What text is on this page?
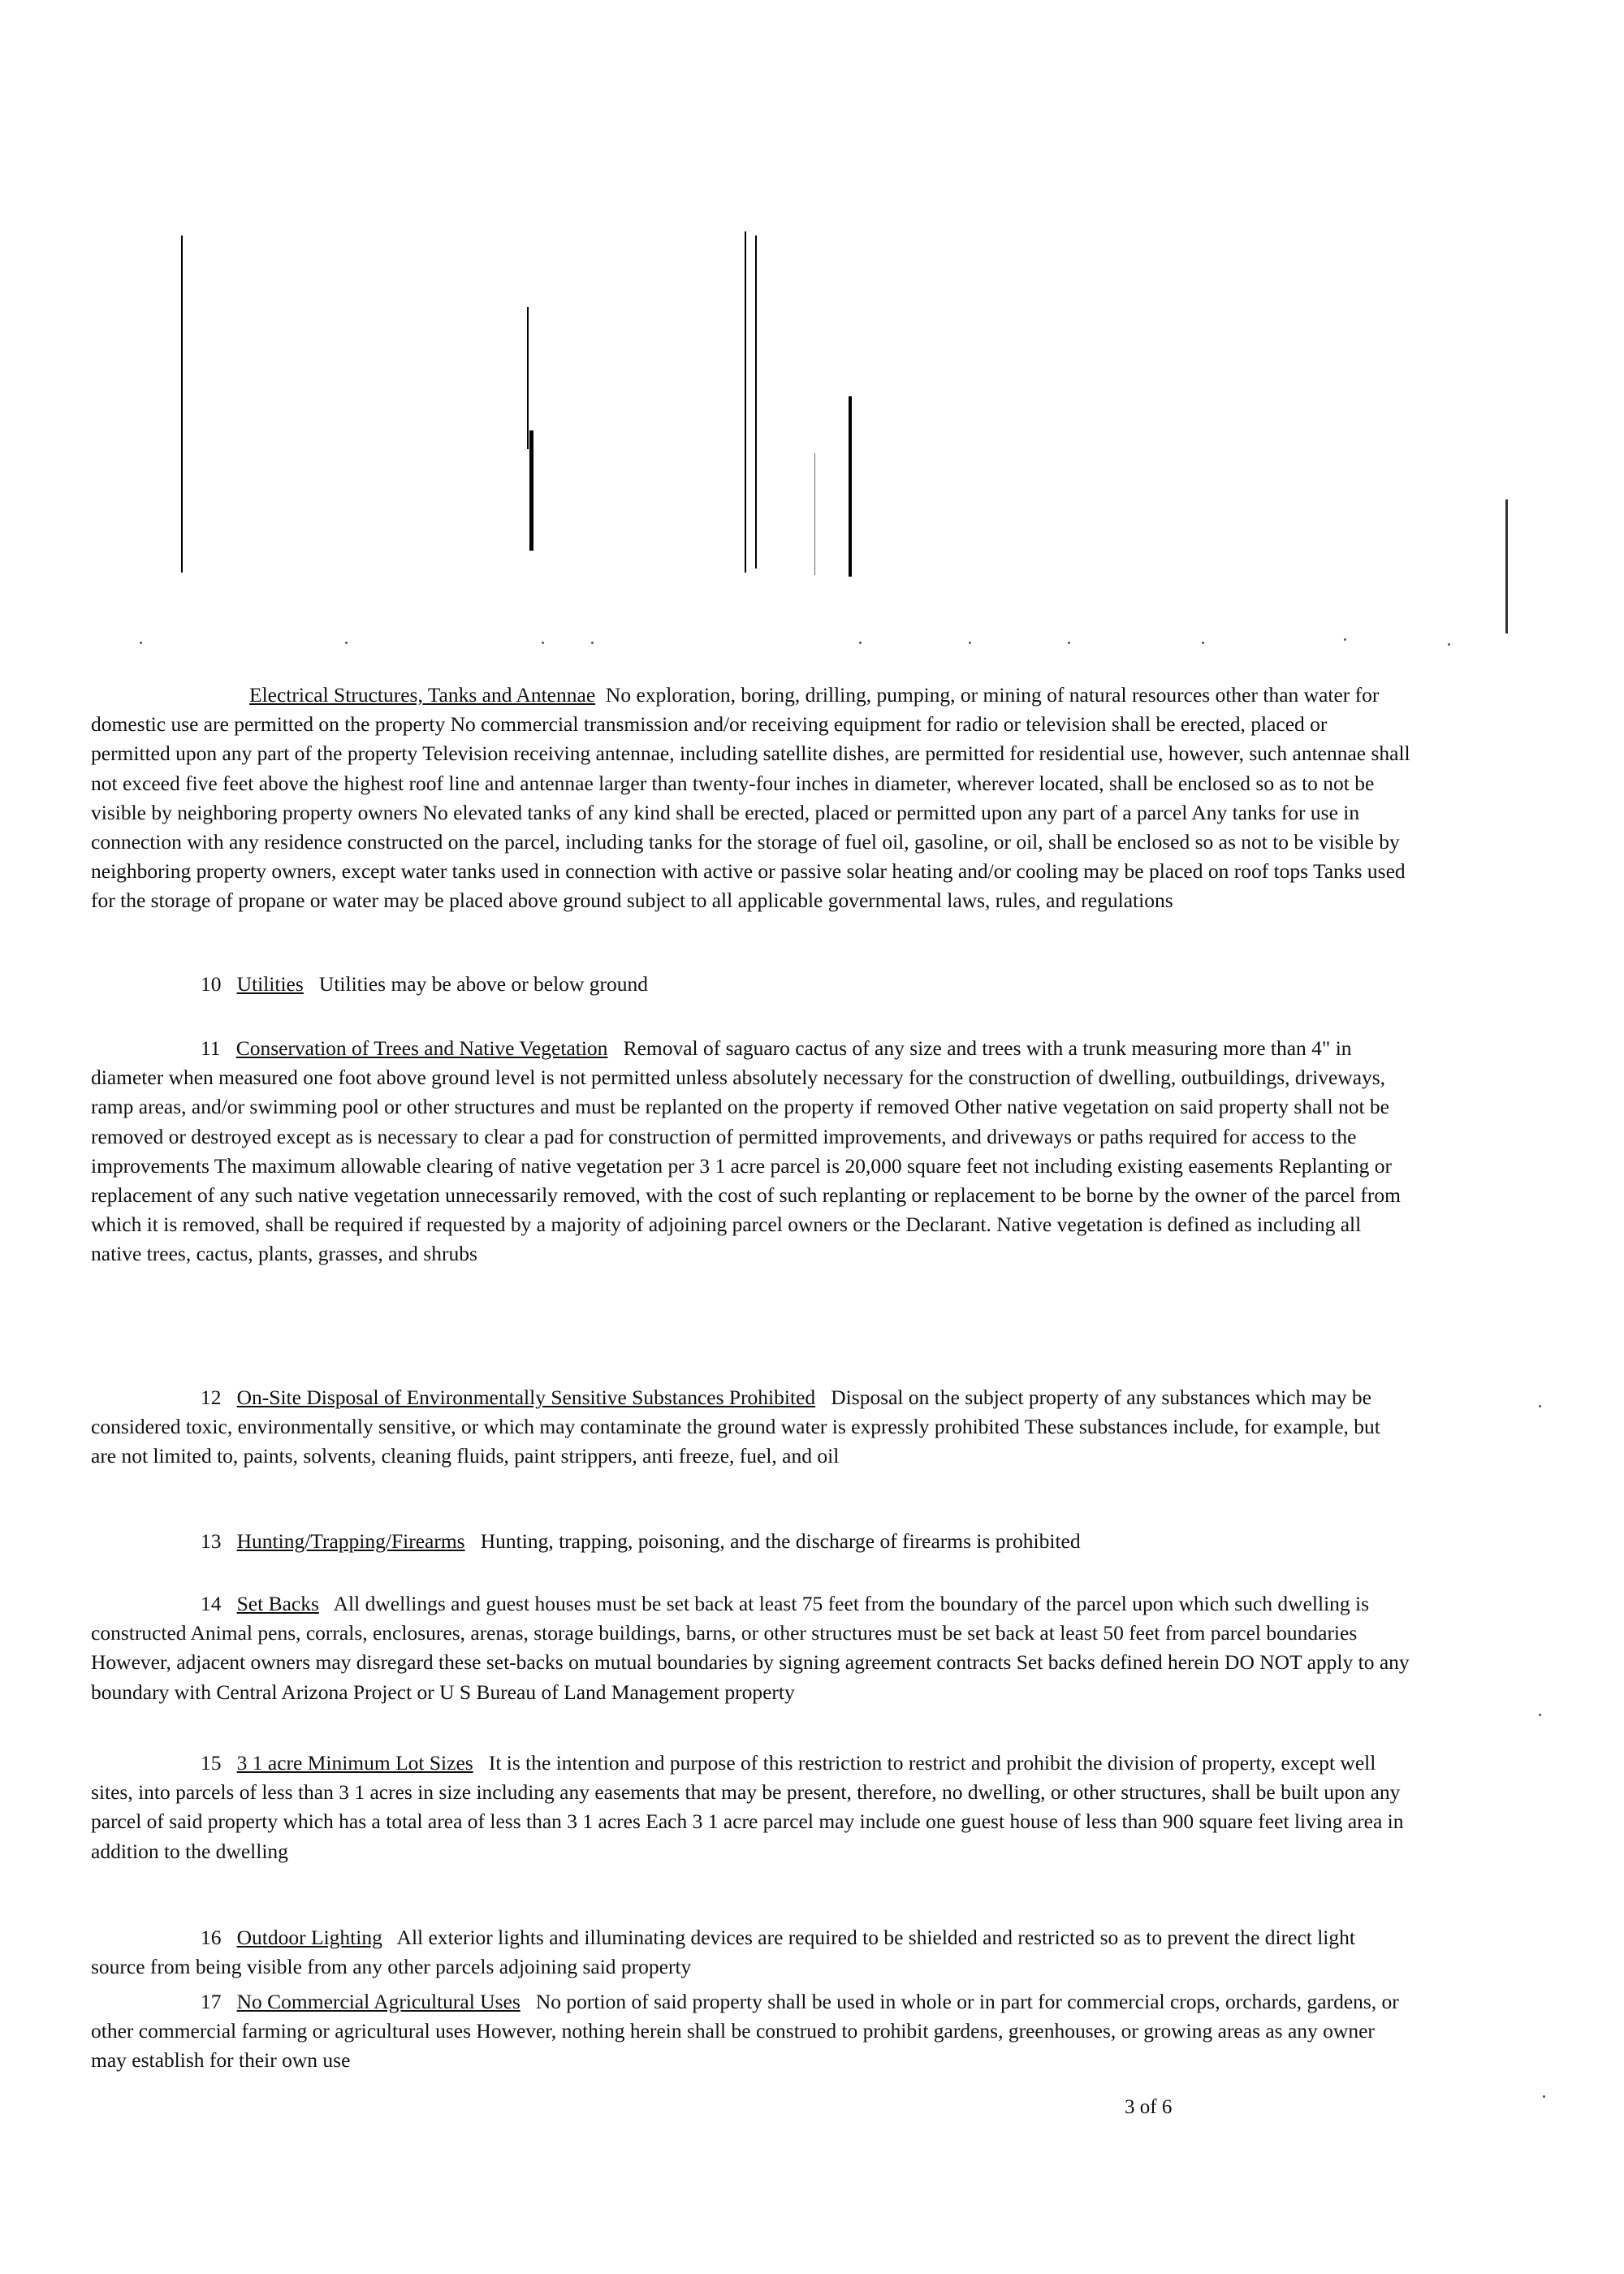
Electrical Structures, Tanks and Antennae No exploration, boring, drilling, pumping, or mining of natural resources other than water for domestic use are permitted on the property No commercial transmission and/or receiving equipment for radio or television shall be erected, placed or permitted upon any part of the property Television receiving antennae, including satellite dishes, are permitted for residential use, however, such antennae shall not exceed five feet above the highest roof line and antennae larger than twenty-four inches in diameter, wherever located, shall be enclosed so as to not be visible by neighboring property owners No elevated tanks of any kind shall be erected, placed or permitted upon any part of a parcel Any tanks for use in connection with any residence constructed on the parcel, including tanks for the storage of fuel oil, gasoline, or oil, shall be enclosed so as not to be visible by neighboring property owners, except water tanks used in connection with active or passive solar heating and/or cooling may be placed on roof tops Tanks used for the storage of propane or water may be placed above ground subject to all applicable governmental laws, rules, and regulations

10 Utilities Utilities may be above or below ground

11 Conservation of Trees and Native Vegetation Removal of saguaro cactus of any size and trees with a trunk measuring more than 4" in diameter when measured one foot above ground level is not permitted unless absolutely necessary for the construction of dwelling, outbuildings, driveways, ramp areas, and/or swimming pool or other structures and must be replanted on the property if removed Other native vegetation on said property shall not be removed or destroyed except as is necessary to clear a pad for construction of permitted improvements, and driveways or paths required for access to the improvements The maximum allowable clearing of native vegetation per 3 1 acre parcel is 20,000 square feet not including existing easements Replanting or replacement of any such native vegetation unnecessarily removed, with the cost of such replanting or replacement to be borne by the owner of the parcel from which it is removed, shall be required if requested by a majority of adjoining parcel owners or the Declarant. Native vegetation is defined as including all native trees, cactus, plants, grasses, and shrubs

12 On-Site Disposal of Environmentally Sensitive Substances Prohibited Disposal on the subject property of any substances which may be considered toxic, environmentally sensitive, or which may contaminate the ground water is expressly prohibited These substances include, for example, but are not limited to, paints, solvents, cleaning fluids, paint strippers, anti freeze, fuel, and oil

13 Hunting/Trapping/Firearms Hunting, trapping, poisoning, and the discharge of firearms is prohibited

14 Set Backs All dwellings and guest houses must be set back at least 75 feet from the boundary of the parcel upon which such dwelling is constructed Animal pens, corrals, enclosures, arenas, storage buildings, barns, or other structures must be set back at least 50 feet from parcel boundaries However, adjacent owners may disregard these set-backs on mutual boundaries by signing agreement contracts Set backs defined herein DO NOT apply to any boundary with Central Arizona Project or U S Bureau of Land Management property

15 3 1 acre Minimum Lot Sizes It is the intention and purpose of this restriction to restrict and prohibit the division of property, except well sites, into parcels of less than 3 1 acres in size including any easements that may be present, therefore, no dwelling, or other structures, shall be built upon any parcel of said property which has a total area of less than 3 1 acres Each 3 1 acre parcel may include one guest house of less than 900 square feet living area in addition to the dwelling

16 Outdoor Lighting All exterior lights and illuminating devices are required to be shielded and restricted so as to prevent the direct light source from being visible from any other parcels adjoining said property

17 No Commercial Agricultural Uses No portion of said property shall be used in whole or in part for commercial crops, orchards, gardens, or other commercial farming or agricultural uses However, nothing herein shall be construed to prohibit gardens, greenhouses, or growing areas as any owner may establish for their own use

3 of 6
